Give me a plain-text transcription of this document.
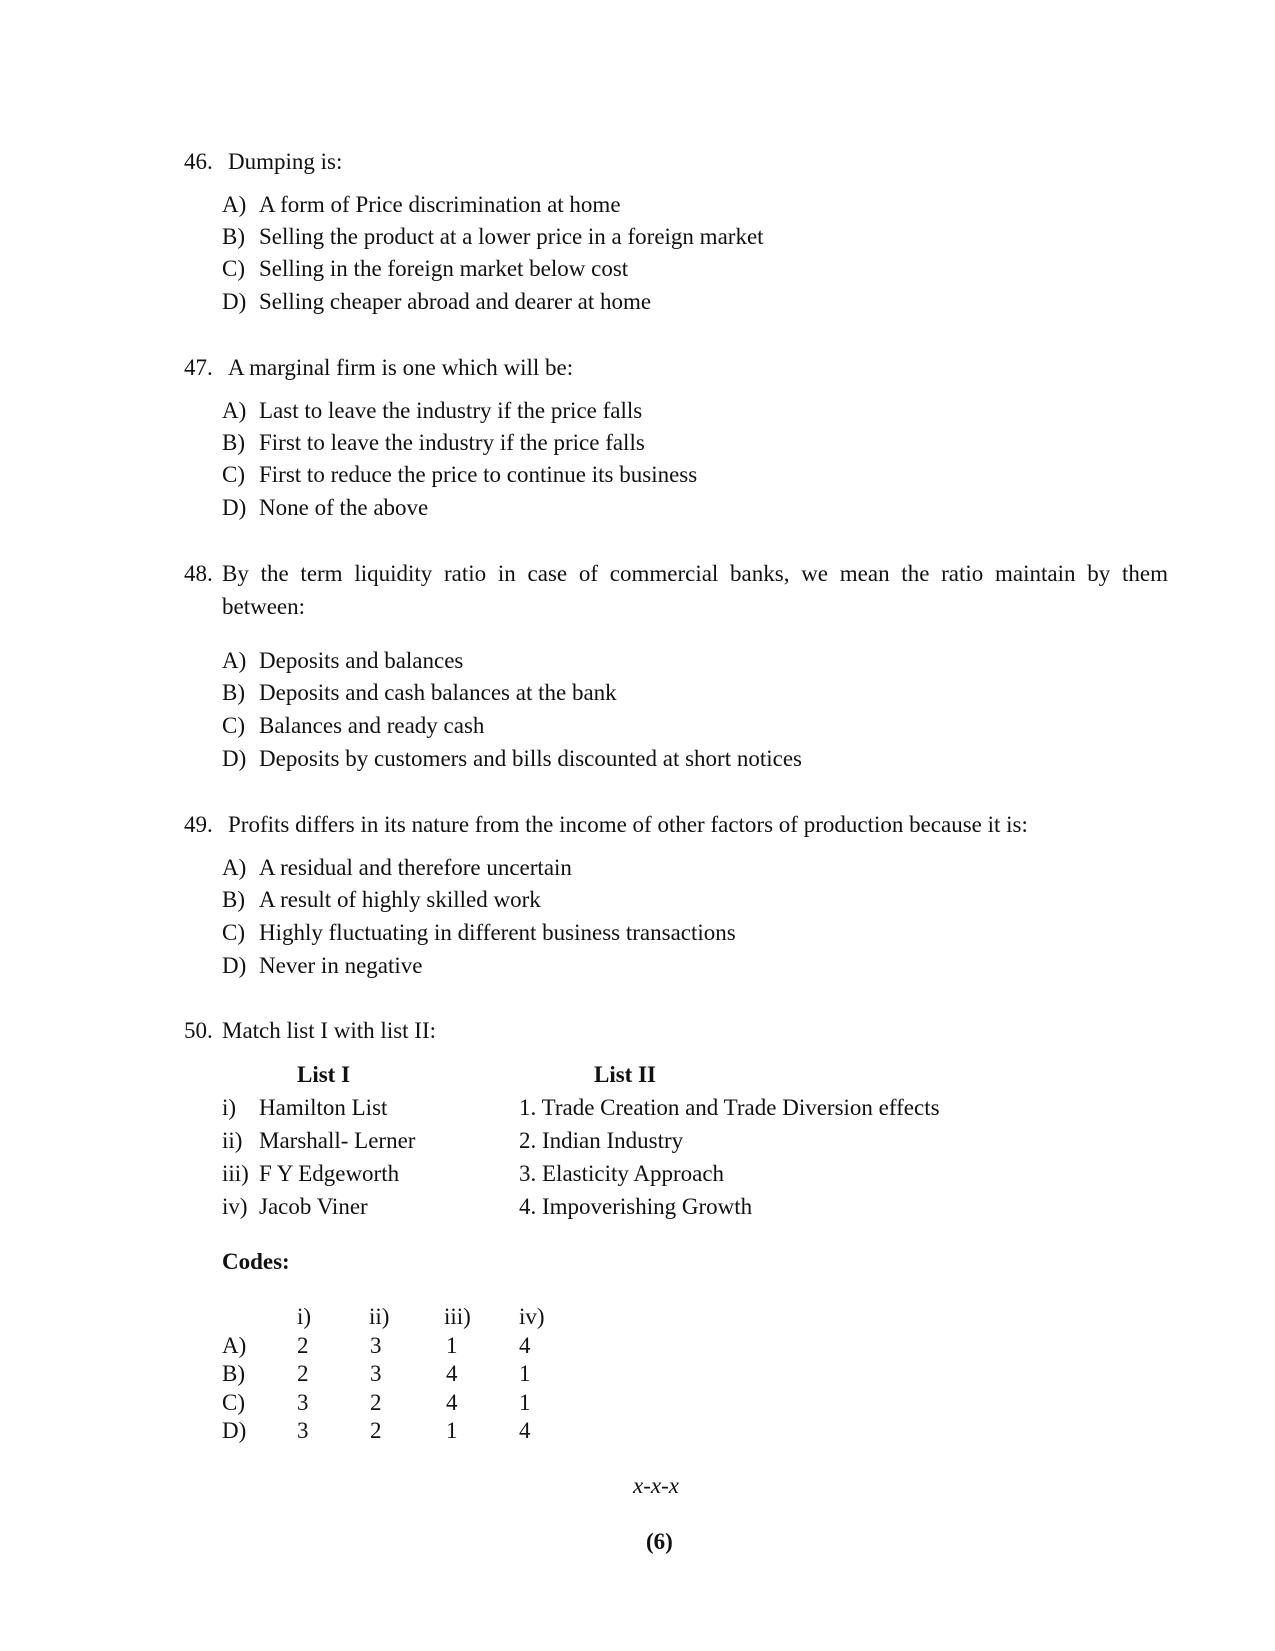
46. Dumping is:
A) A form of Price discrimination at home
B) Selling the product at a lower price in a foreign market
C) Selling in the foreign market below cost
D) Selling cheaper abroad and dearer at home
47. A marginal firm is one which will be:
A) Last to leave the industry if the price falls
B) First to leave the industry if the price falls
C) First to reduce the price to continue its business
D) None of the above
48. By the term liquidity ratio in case of commercial banks, we mean the ratio maintain by them
between:
A) Deposits and balances
B) Deposits and cash balances at the bank
C) Balances and ready cash
D) Deposits by customers and bills discounted at short notices
49. Profits differs in its nature from the income of other factors of production because it is:
A) A residual and therefore uncertain
B) A result of highly skilled work
C) Highly fluctuating in different business transactions
D) Never in negative
50. Match list I with list II:
List I	List II
i) Hamilton List	1. Trade Creation and Trade Diversion effects
ii) Marshall- Lerner	2. Indian Industry
iii) F Y Edgeworth	3. Elasticity Approach
iv) Jacob Viner	4. Impoverishing Growth
Codes:
i)	ii) iii) iv)
A) 2	3	1	4
B) 2	3	4	1
C) 3	2	4	1
D) 3	2	1	4
x-x-x
(6)
